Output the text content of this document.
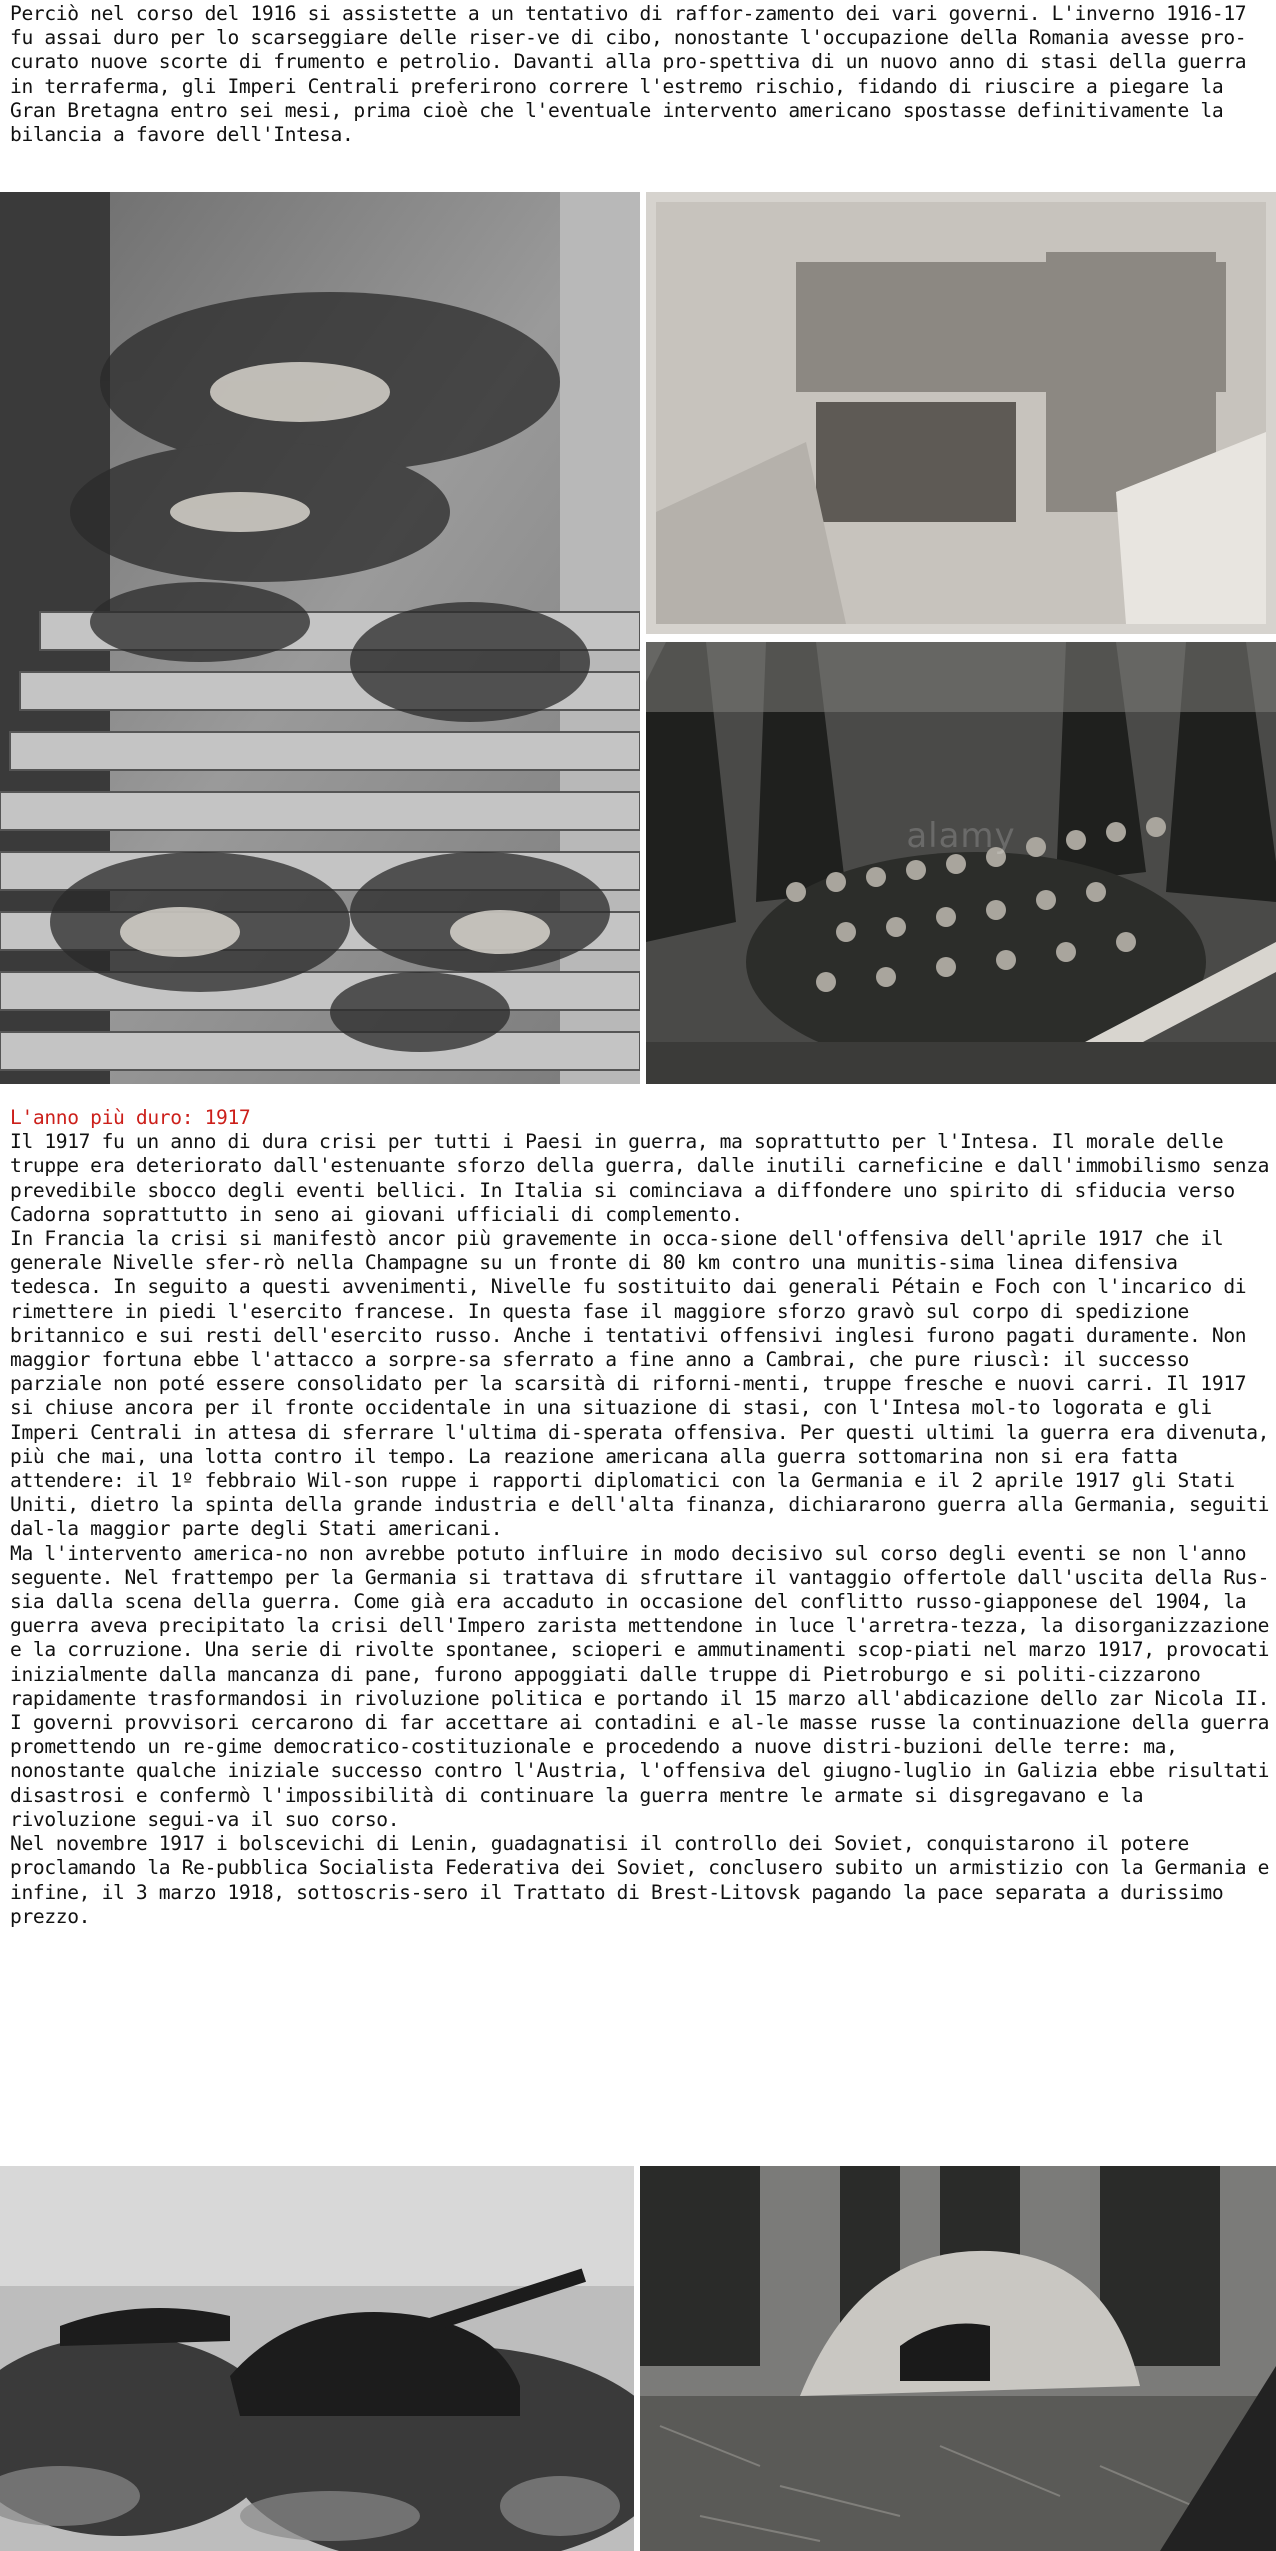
Perciò nel corso del 1916 si assistette a un tentativo di raffor-zamento dei vari governi. L'inverno 1916-17 fu assai duro per lo scarseggiare delle riser-ve di cibo, nonostante l'occupazione della Romania avesse pro-curato nuove scorte di frumento e petrolio. Davanti alla pro-spettiva di un nuovo anno di stasi della guerra in terraferma, gli Imperi Centrali preferirono correre l'estremo rischio, fidando di riuscire a piegare la Gran Bretagna entro sei mesi, prima cioè che l'eventuale intervento americano spostasse definitivamente la bilancia a favore dell'Intesa.

alamy

L'anno più duro: 1917

Il 1917 fu un anno di dura crisi per tutti i Paesi in guerra, ma soprattutto per l'Intesa. Il morale delle truppe era deteriorato dall'estenuante sforzo della guerra, dalle inutili carneficine e dall'immobilismo senza prevedibile sbocco degli eventi bellici. In Italia si cominciava a diffondere uno spirito di sfiducia verso Cadorna soprattutto in seno ai giovani ufficiali di complemento.

In Francia la crisi si manifestò ancor più gravemente in occa-sione dell'offensiva dell'aprile 1917 che il generale Nivelle sfer-rò nella Champagne su un fronte di 80 km contro una munitis-sima linea difensiva tedesca. In seguito a questi avvenimenti, Nivelle fu sostituito dai generali Pétain e Foch con l'incarico di rimettere in piedi l'esercito francese. In questa fase il maggiore sforzo gravò sul corpo di spedizione britannico e sui resti dell'esercito russo. Anche i tentativi offensivi inglesi furono pagati duramente. Non maggior fortuna ebbe l'attacco a sorpre-sa sferrato a fine anno a Cambrai, che pure riuscì: il successo parziale non poté essere consolidato per la scarsità di riforni-menti, truppe fresche e nuovi carri. Il 1917 si chiuse ancora per il fronte occidentale in una situazione di stasi, con l'Intesa mol-to logorata e gli Imperi Centrali in attesa di sferrare l'ultima di-sperata offensiva. Per questi ultimi la guerra era divenuta, più che mai, una lotta contro il tempo. La reazione americana alla guerra sottomarina non si era fatta attendere: il 1º febbraio Wil-son ruppe i rapporti diplomatici con la Germania e il 2 aprile 1917 gli Stati Uniti, dietro la spinta della grande industria e dell'alta finanza, dichiararono guerra alla Germania, seguiti dal-la maggior parte degli Stati americani.

Ma l'intervento america-no non avrebbe potuto influire in modo decisivo sul corso degli eventi se non l'anno seguente. Nel frattempo per la Germania si trattava di sfruttare il vantaggio offertole dall'uscita della Rus-sia dalla scena della guerra. Come già era accaduto in occasione del conflitto russo-giapponese del 1904, la guerra aveva precipitato la crisi dell'Impero zarista mettendone in luce l'arretra-tezza, la disorganizzazione e la corruzione. Una serie di rivolte spontanee, scioperi e ammutinamenti scop-piati nel marzo 1917, provocati inizialmente dalla mancanza di pane, furono appoggiati dalle truppe di Pietroburgo e si politi-cizzarono rapidamente trasformandosi in rivoluzione politica e portando il 15 marzo all'abdicazione dello zar Nicola II. I governi provvisori cercarono di far accettare ai contadini e al-le masse russe la continuazione della guerra promettendo un re-gime democratico-costituzionale e procedendo a nuove distri-buzioni delle terre: ma, nonostante qualche iniziale successo contro l'Austria, l'offensiva del giugno-luglio in Galizia ebbe risultati disastrosi e confermò l'impossibilità di continuare la guerra mentre le armate si disgregavano e la rivoluzione segui-va il suo corso.

Nel novembre 1917 i bolscevichi di Lenin, guadagnatisi il controllo dei Soviet, conquistarono il potere proclamando la Re-pubblica Socialista Federativa dei Soviet, conclusero subito un armistizio con la Germania e infine, il 3 marzo 1918, sottoscris-sero il Trattato di Brest-Litovsk pagando la pace separata a durissimo prezzo.
